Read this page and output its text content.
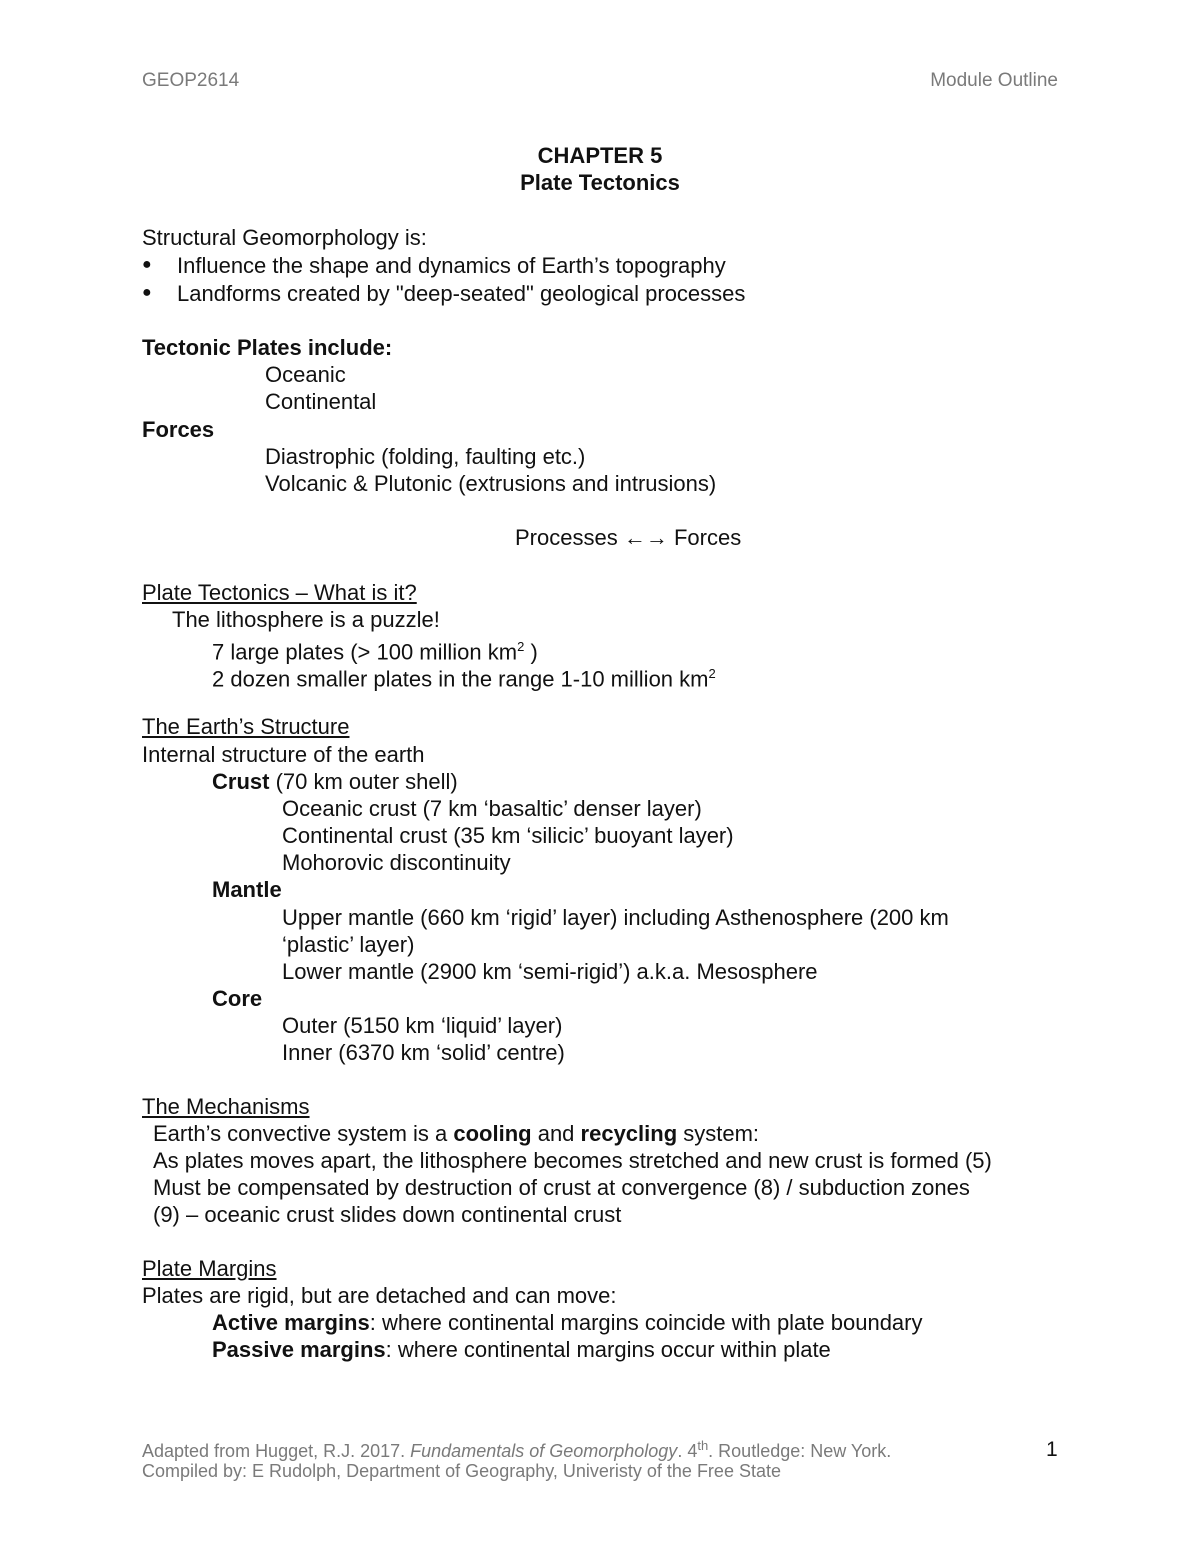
GEOP2614	Module Outline
CHAPTER 5
Plate Tectonics
Structural Geomorphology is:
● Influence the shape and dynamics of Earth’s topography
● Landforms created by "deep-seated" geological processes
Tectonic Plates include:
Oceanic
Continental
Forces
Diastrophic (folding, faulting etc.)
Volcanic & Plutonic (extrusions and intrusions)
Processes ←→ Forces
Plate Tectonics – What is it?
The lithosphere is a puzzle!
7 large plates (> 100 million $km^2$ )
2 dozen smaller plates in the range 1-10 million $km^2$
The Earth’s Structure
Internal structure of the earth
Crust (70 km outer shell)
Oceanic crust (7 km ‘basaltic’ denser layer)
Continental crust (35 km ‘silicic’ buoyant layer)
Mohorovic discontinuity
Mantle
Upper mantle (660 km ‘rigid’ layer) including Asthenosphere (200 km
‘plastic’ layer)
Lower mantle (2900 km ‘semi-rigid’) a.k.a. Mesosphere
Core
Outer (5150 km ‘liquid’ layer)
Inner (6370 km ‘solid’ centre)
The Mechanisms
Earth’s convective system is a cooling and recycling system:
As plates moves apart, the lithosphere becomes stretched and new crust is formed (5)
Must be compensated by destruction of crust at convergence (8) / subduction zones
(9) – oceanic crust slides down continental crust
Plate Margins
Plates are rigid, but are detached and can move:
Active margins: where continental margins coincide with plate boundary
Passive margins: where continental margins occur within plate
Adapted from Hugget, R.J. 2017. Fundamentals of Geomorphology. 4th. Routledge: New York.	1
Compiled by: E Rudolph, Department of Geography, Univeristy of the Free State
